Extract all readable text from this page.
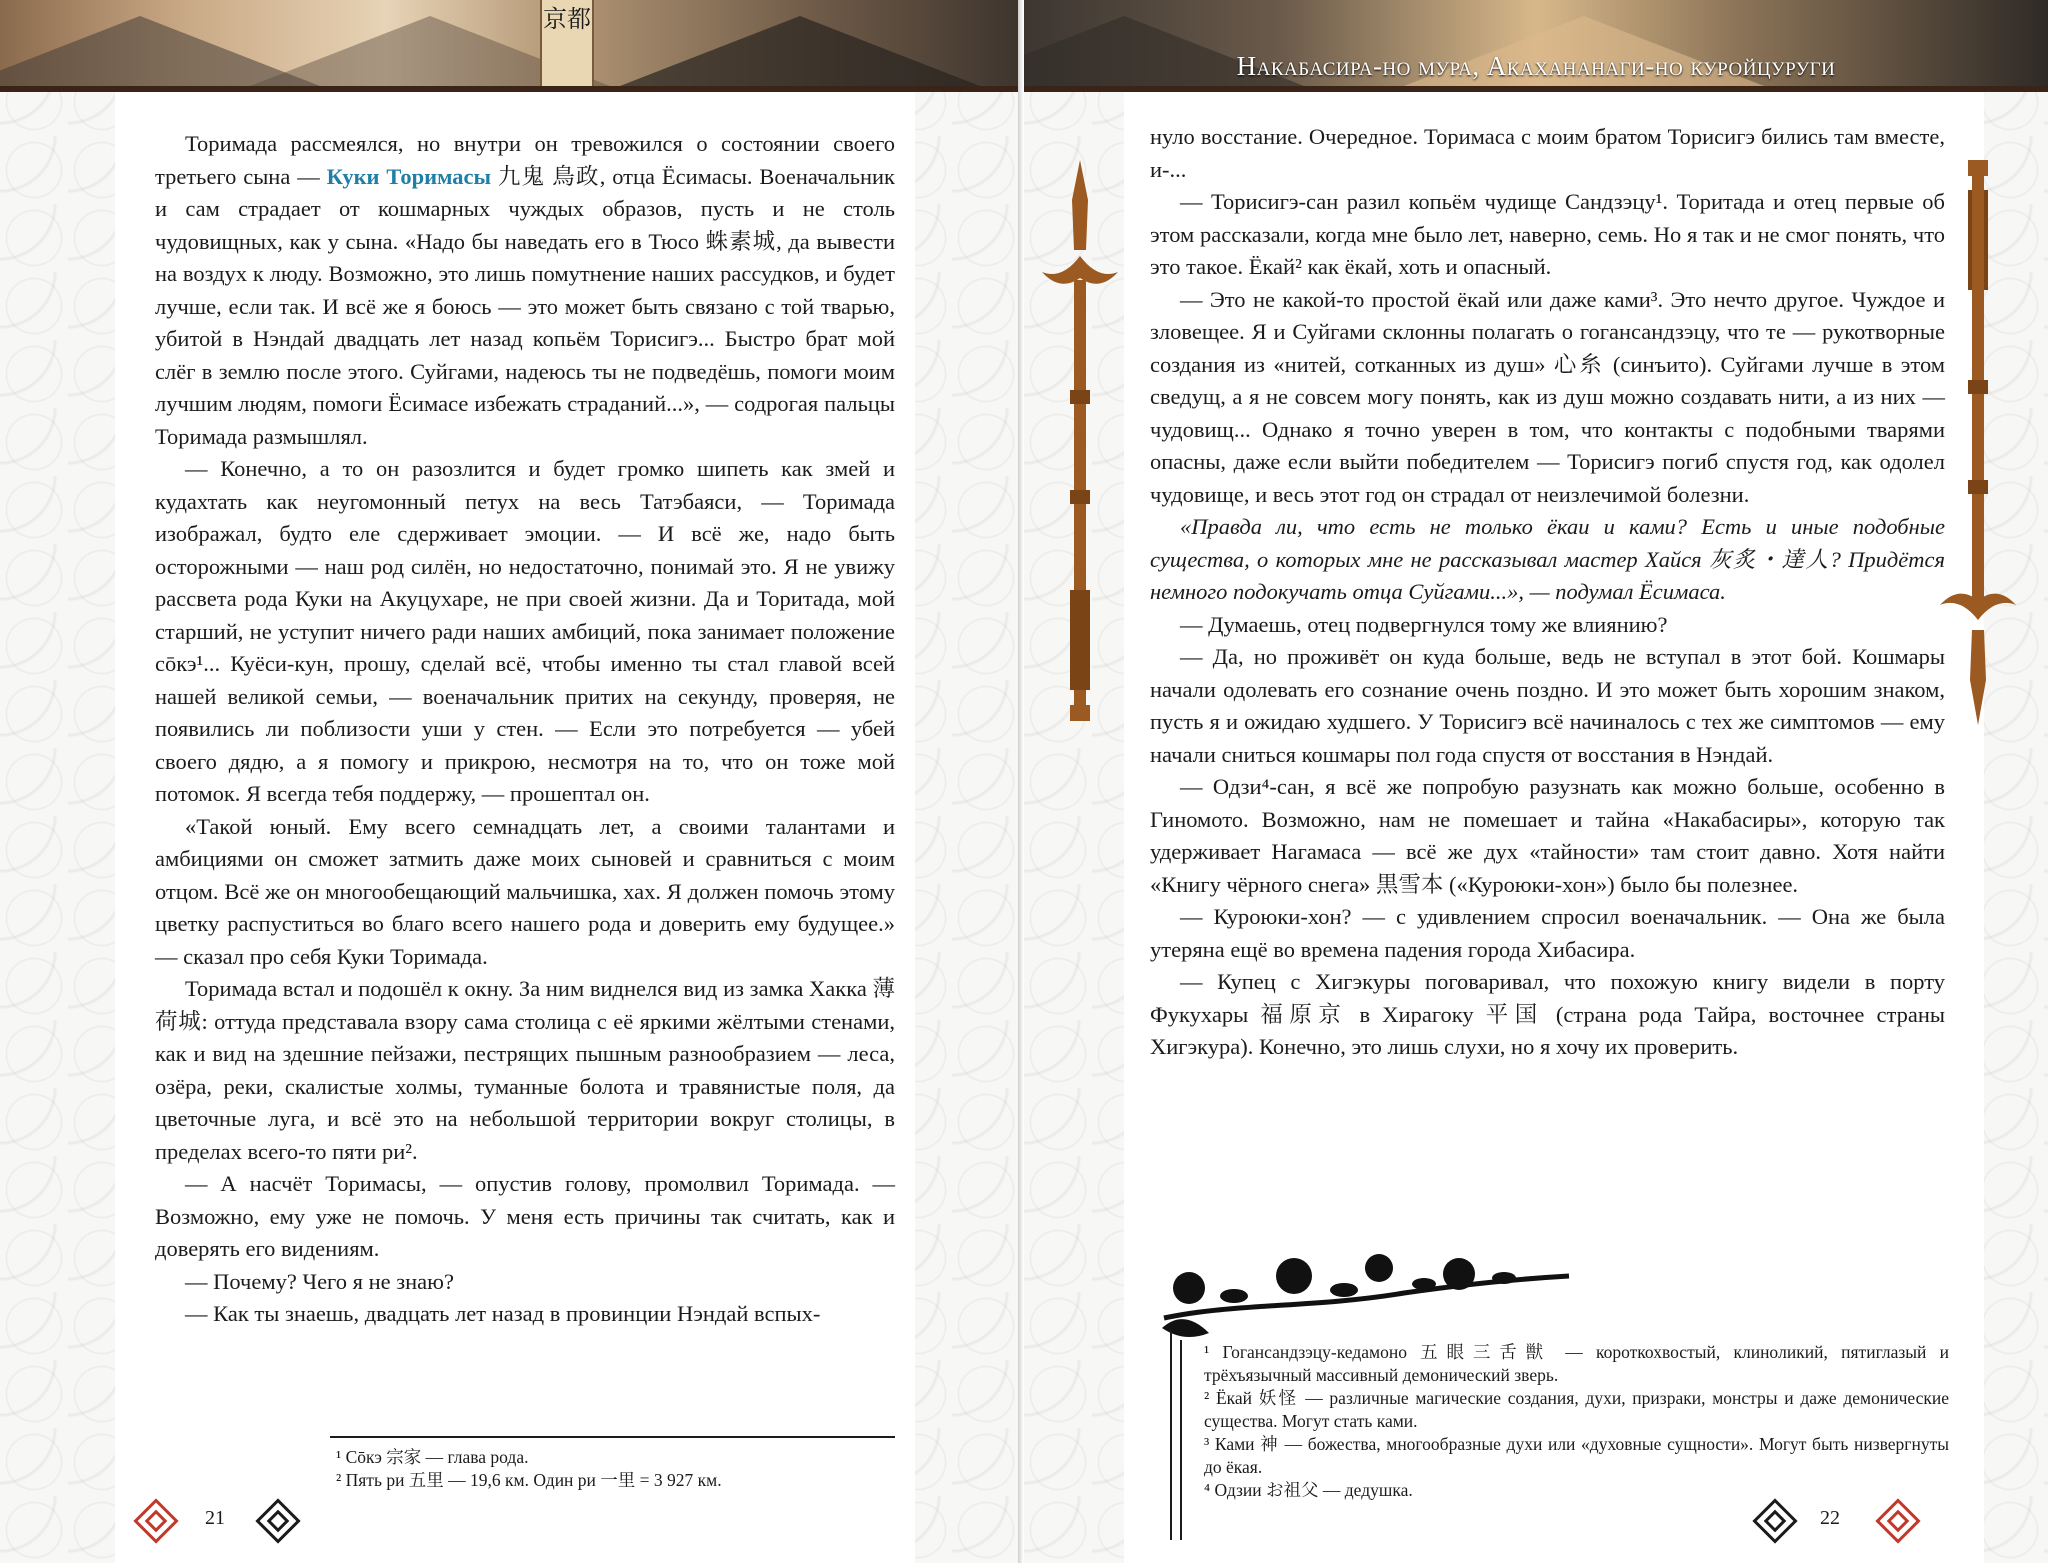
京都

Торимада рассмеялся, но внутри он тревожился о состоянии своего третьего сына — Куки Торимасы 九鬼 鳥政, отца Ёсимасы. Военачальник и сам страдает от кошмарных чуждых образов, пусть и не столь чудовищных, как у сына. «Надо бы наведать его в Тюсо 蛛素城, да вывести на воздух к люду. Возможно, это лишь помутнение наших рассудков, и будет лучше, если так. И всё же я боюсь — это может быть связано с той тварью, убитой в Нэндай двадцать лет назад копьём Торисигэ... Быстро брат мой слёг в землю после этого. Суйгами, надеюсь ты не подведёшь, помоги моим лучшим людям, помоги Ёсимасе избежать страданий...», — содрогая пальцы Торимада размышлял.

— Конечно, а то он разозлится и будет громко шипеть как змей и кудахтать как неугомонный петух на весь Татэбаяси, — Торимада изображал, будто еле сдерживает эмоции. — И всё же, надо быть осторожными — наш род силён, но недостаточно, понимай это. Я не увижу рассвета рода Куки на Акуцухаре, не при своей жизни. Да и Торитада, мой старший, не уступит ничего ради наших амбиций, пока занимает положение сōкэ¹... Куёси-кун, прошу, сделай всё, чтобы именно ты стал главой всей нашей великой семьи, — военачальник притих на секунду, проверяя, не появились ли поблизости уши у стен. — Если это потребуется — убей своего дядю, а я помогу и прикрою, несмотря на то, что он тоже мой потомок. Я всегда тебя поддержу, — прошептал он.

«Такой юный. Ему всего семнадцать лет, а своими талантами и амбициями он сможет затмить даже моих сыновей и сравниться с моим отцом. Всё же он многообещающий мальчишка, хах. Я должен помочь этому цветку распуститься во благо всего нашего рода и доверить ему будущее.» — сказал про себя Куки Торимада.

Торимада встал и подошёл к окну. За ним виднелся вид из замка Хакка 薄荷城: оттуда представала взору сама столица с её яркими жёлтыми стенами, как и вид на здешние пейзажи, пестрящих пышным разнообразием — леса, озёра, реки, скалистые холмы, туманные болота и травянистые поля, да цветочные луга, и всё это на небольшой территории вокруг столицы, в пределах всего-то пяти ри².

— А насчёт Торимасы, — опустив голову, промолвил Торимада. — Возможно, ему уже не помочь. У меня есть причины так считать, как и доверять его видениям.

— Почему? Чего я не знаю?

— Как ты знаешь, двадцать лет назад в провинции Нэндай вспых-

¹ Сōкэ 宗家 — глава рода.

² Пять ри 五里 — 19,6 км. Один ри 一里 = 3 927 км.

21
Накабасира-но мура, Акахананаги-но куройцуруги

нуло восстание. Очередное. Торимаса с моим братом Торисигэ бились там вместе, и-...

— Торисигэ-сан разил копьём чудище Сандзэцу¹. Торитада и отец первые об этом рассказали, когда мне было лет, наверно, семь. Но я так и не смог понять, что это такое. Ёкай² как ёкай, хоть и опасный.

— Это не какой-то простой ёкай или даже ками³. Это нечто другое. Чуждое и зловещее. Я и Суйгами склонны полагать о гогансандзэцу, что те — рукотворные создания из «нитей, сотканных из душ» 心糸 (синъито). Суйгами лучше в этом сведущ, а я не совсем могу понять, как из душ можно создавать нити, а из них — чудовищ... Однако я точно уверен в том, что контакты с подобными тварями опасны, даже если выйти победителем — Торисигэ погиб спустя год, как одолел чудовище, и весь этот год он страдал от неизлечимой болезни.

«Правда ли, что есть не только ёкаи и ками? Есть и иные подобные существа, о которых мне не рассказывал мастер Хайся 灰炙・達人? Придётся немного подокучать отца Суйгами...», — подумал Ёсимаса.

— Думаешь, отец подвергнулся тому же влиянию?

— Да, но проживёт он куда больше, ведь не вступал в этот бой. Кошмары начали одолевать его сознание очень поздно. И это может быть хорошим знаком, пусть я и ожидаю худшего. У Торисигэ всё начиналось с тех же симптомов — ему начали сниться кошмары пол года спустя от восстания в Нэндай.

— Одзи⁴-сан, я всё же попробую разузнать как можно больше, особенно в Гиномото. Возможно, нам не помешает и тайна «Накабасиры», которую так удерживает Нагамаса — всё же дух «тайности» там стоит давно. Хотя найти «Книгу чёрного снега» 黒雪本 («Куроюки-хон») было бы полезнее.

— Куроюки-хон? — с удивлением спросил военачальник. — Она же была утеряна ещё во времена падения города Хибасира.

— Купец с Хигэкуры поговаривал, что похожую книгу видели в порту Фукухары 福原京 в Хирагоку 平国 (страна рода Тайра, восточнее страны Хигэкура). Конечно, это лишь слухи, но я хочу их проверить.

¹ Гогансандзэцу-кедамоно 五眼三舌獣 — короткохвостый, клинoликий, пятиглазый и трёхъязычный массивный демонический зверь.

² Ёкай 妖怪 — различные магические создания, духи, призраки, монстры и даже демонические существа. Могут стать ками.

³ Ками 神 — божества, многообразные духи или «духовные сущности». Могут быть низвергнуты до ёкая.

⁴ Одзии お祖父 — дедушка.

22
